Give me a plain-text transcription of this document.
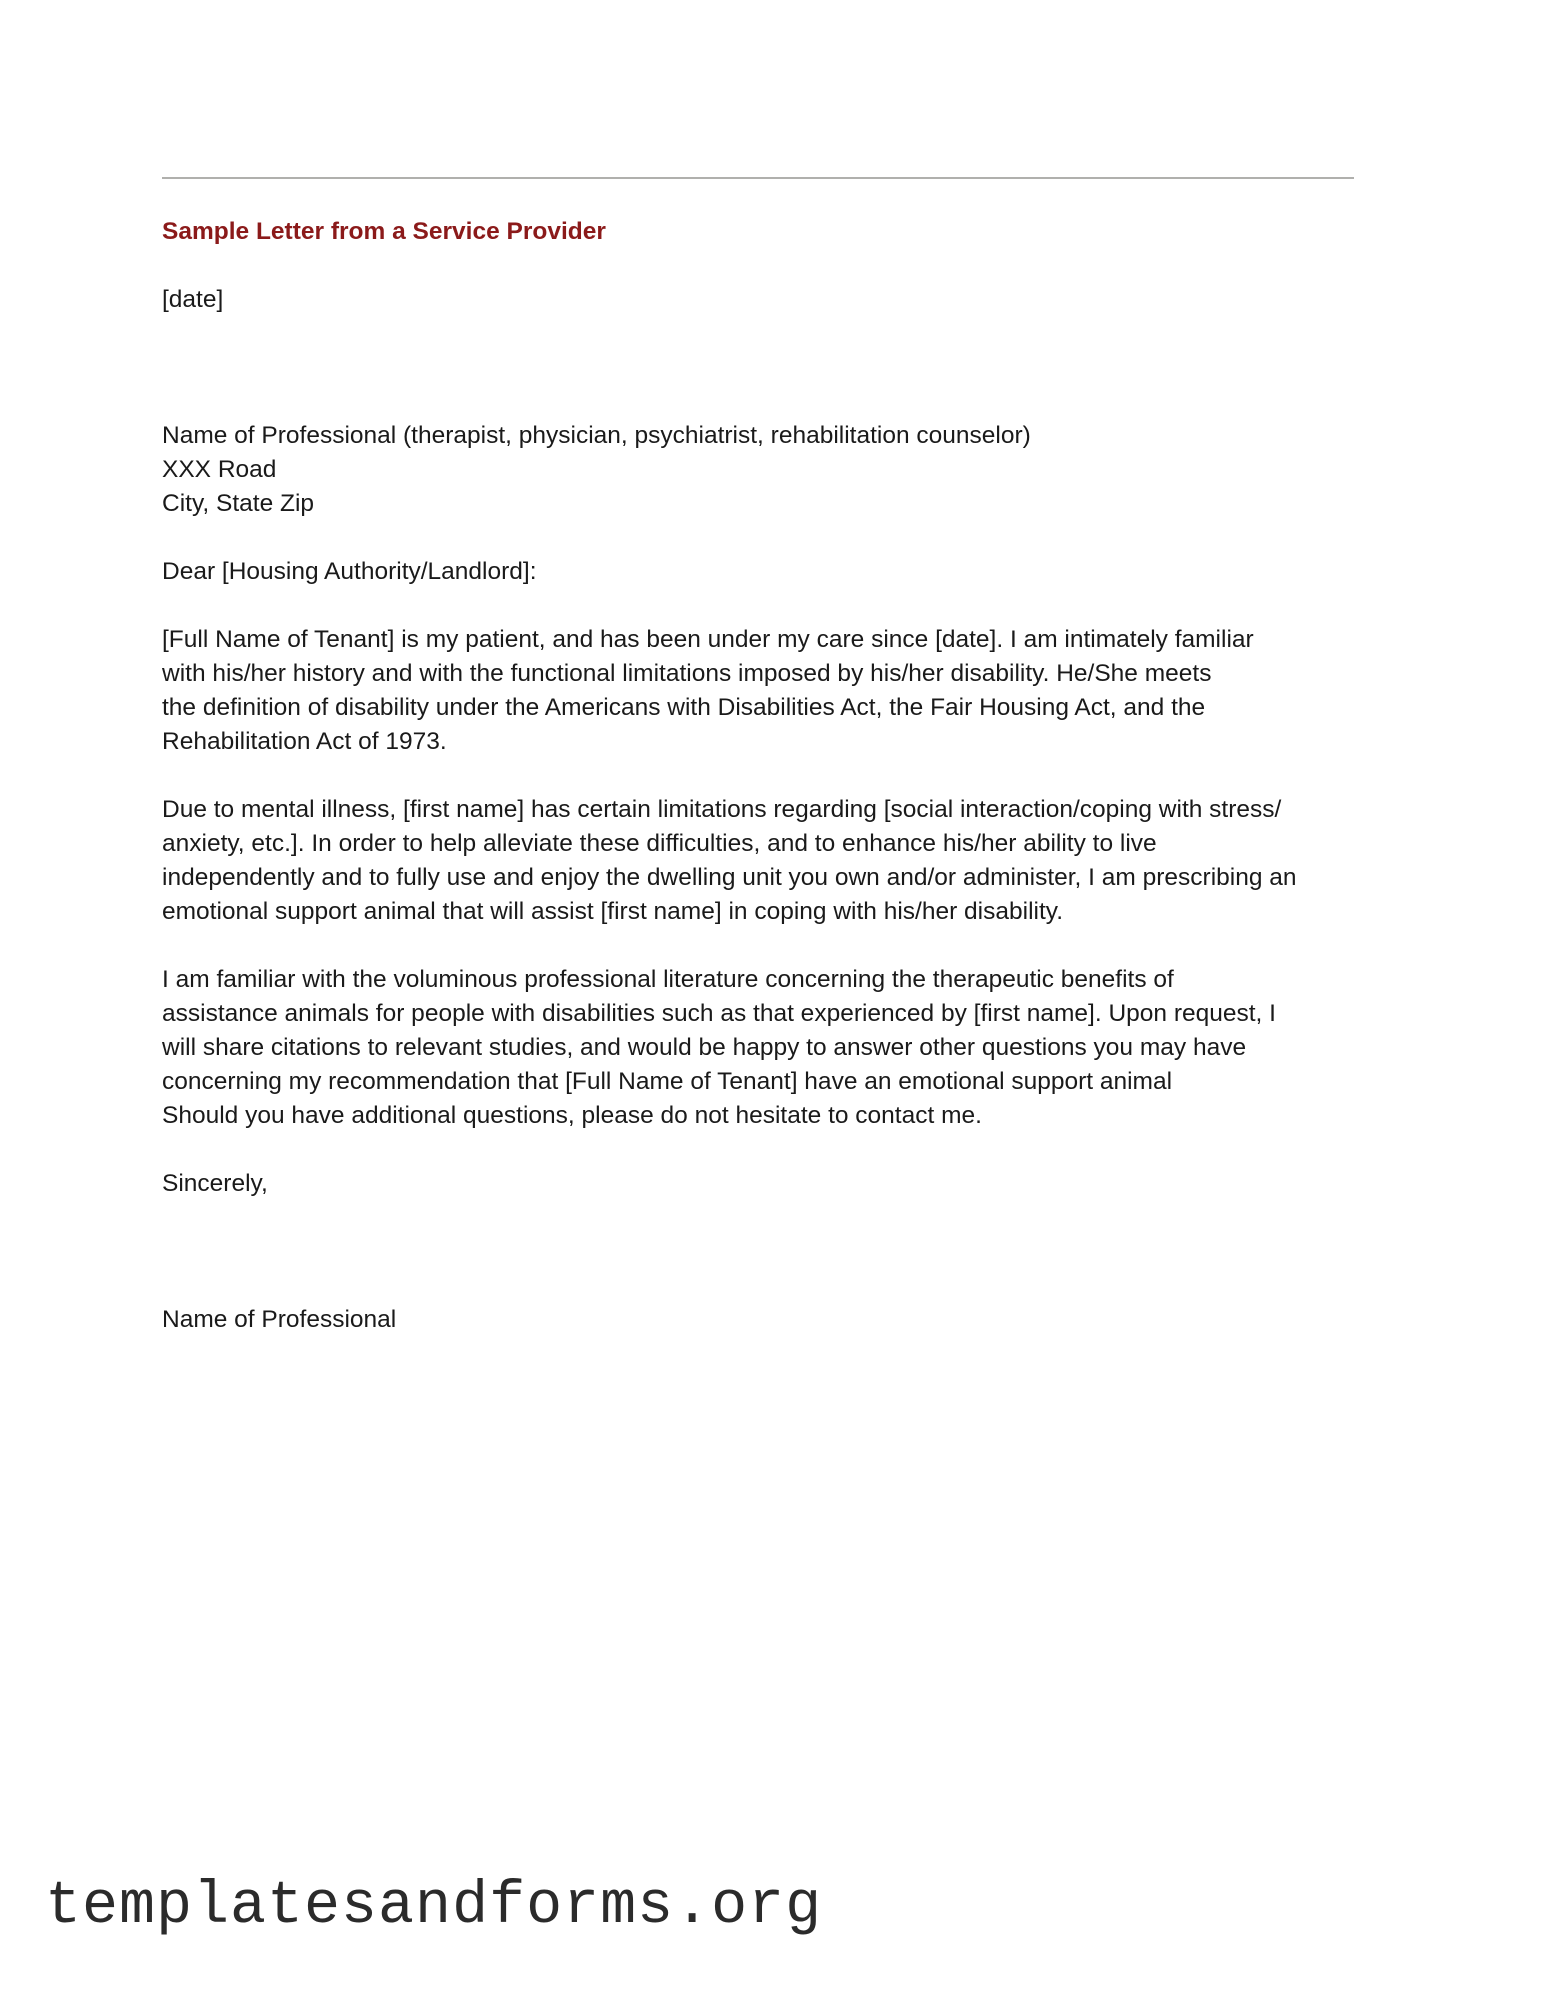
Sample Letter from a Service Provider
[date]
Name of Professional (therapist, physician, psychiatrist, rehabilitation counselor)
XXX Road
City, State Zip
Dear [Housing Authority/Landlord]:
[Full Name of Tenant] is my patient, and has been under my care since [date]. I am intimately familiar
with his/her history and with the functional limitations imposed by his/her disability. He/She meets
the definition of disability under the Americans with Disabilities Act, the Fair Housing Act, and the
Rehabilitation Act of 1973.
Due to mental illness, [first name] has certain limitations regarding [social interaction/coping with stress/
anxiety, etc.]. In order to help alleviate these difficulties, and to enhance his/her ability to live
independently and to fully use and enjoy the dwelling unit you own and/or administer, I am prescribing an
emotional support animal that will assist [first name] in coping with his/her disability.
I am familiar with the voluminous professional literature concerning the therapeutic benefits of
assistance animals for people with disabilities such as that experienced by [first name]. Upon request, I
will share citations to relevant studies, and would be happy to answer other questions you may have
concerning my recommendation that [Full Name of Tenant] have an emotional support animal
Should you have additional questions, please do not hesitate to contact me.
Sincerely,
Name of Professional
templatesandforms.org
